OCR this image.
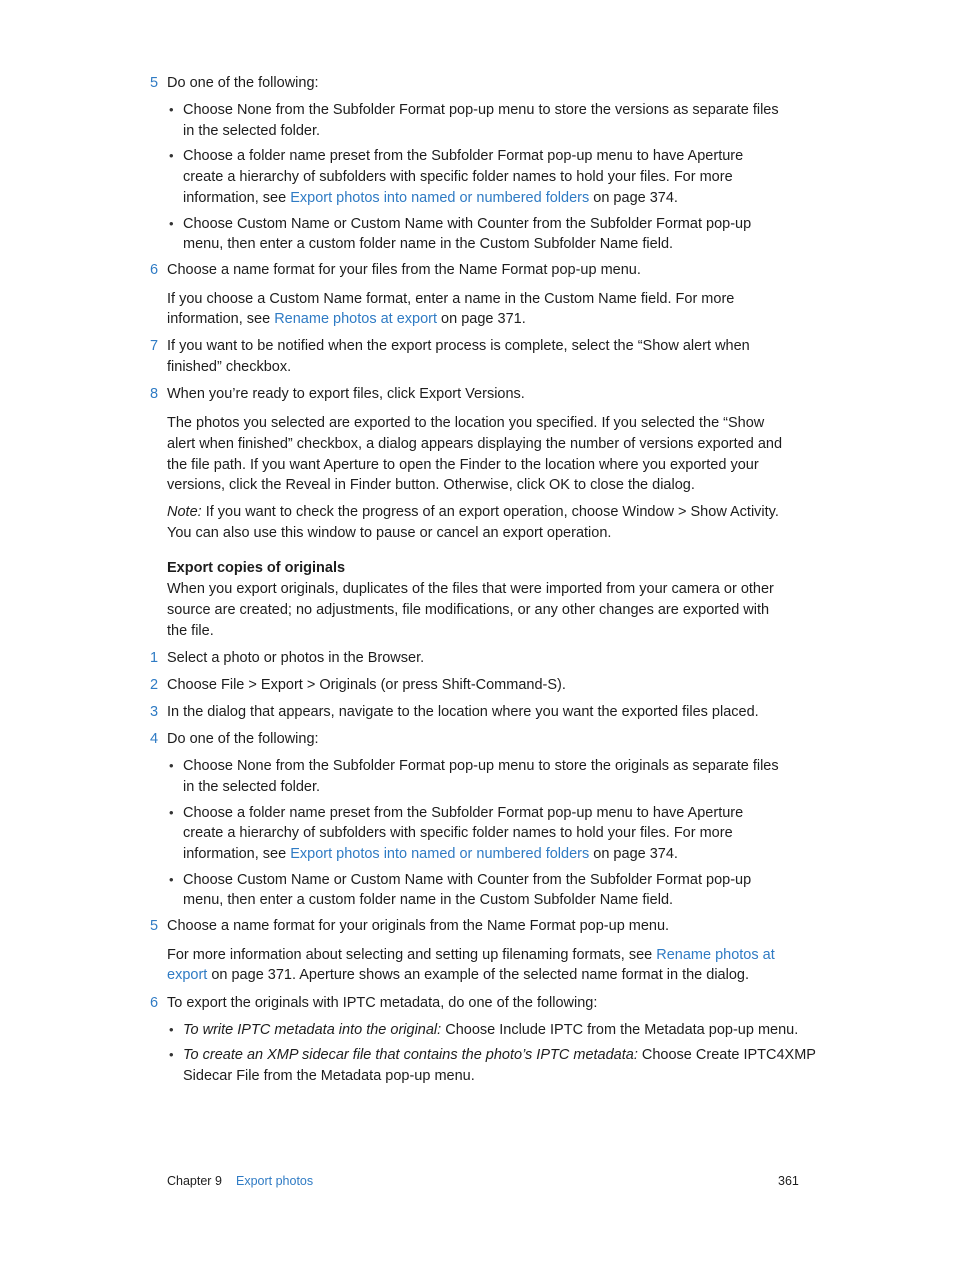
5 Do one of the following:
• Choose None from the Subfolder Format pop-up menu to store the versions as separate files
in the selected folder.
• Choose a folder name preset from the Subfolder Format pop-up menu to have Aperture
create a hierarchy of subfolders with specific folder names to hold your files. For more
information, see Export photos into named or numbered folders on page 374.
• Choose Custom Name or Custom Name with Counter from the Subfolder Format pop-up
menu, then enter a custom folder name in the Custom Subfolder Name field.
6 Choose a name format for your files from the Name Format pop-up menu.
If you choose a Custom Name format, enter a name in the Custom Name field. For more
information, see Rename photos at export on page 371.
7 If you want to be notified when the export process is complete, select the “Show alert when
finished” checkbox.
8 When you’re ready to export files, click Export Versions.
The photos you selected are exported to the location you specified. If you selected the “Show
alert when finished” checkbox, a dialog appears displaying the number of versions exported and
the file path. If you want Aperture to open the Finder to the location where you exported your
versions, click the Reveal in Finder button. Otherwise, click OK to close the dialog.
Note: If you want to check the progress of an export operation, choose Window > Show Activity.
You can also use this window to pause or cancel an export operation.
Export copies of originals
When you export originals, duplicates of the files that were imported from your camera or other
source are created; no adjustments, file modifications, or any other changes are exported with
the file.
1 Select a photo or photos in the Browser.
2 Choose File > Export > Originals (or press Shift-Command-S).
3 In the dialog that appears, navigate to the location where you want the exported files placed.
4 Do one of the following:
• Choose None from the Subfolder Format pop-up menu to store the originals as separate files
in the selected folder.
• Choose a folder name preset from the Subfolder Format pop-up menu to have Aperture
create a hierarchy of subfolders with specific folder names to hold your files. For more
information, see Export photos into named or numbered folders on page 374.
• Choose Custom Name or Custom Name with Counter from the Subfolder Format pop-up
menu, then enter a custom folder name in the Custom Subfolder Name field.
5 Choose a name format for your originals from the Name Format pop-up menu.
For more information about selecting and setting up filenaming formats, see Rename photos at
export on page 371. Aperture shows an example of the selected name format in the dialog.
6 To export the originals with IPTC metadata, do one of the following:
• To write IPTC metadata into the original: Choose Include IPTC from the Metadata pop-up menu.
• To create an XMP sidecar file that contains the photo’s IPTC metadata: Choose Create IPTC4XMP
Sidecar File from the Metadata pop-up menu.
Chapter 9 Export photos	361
